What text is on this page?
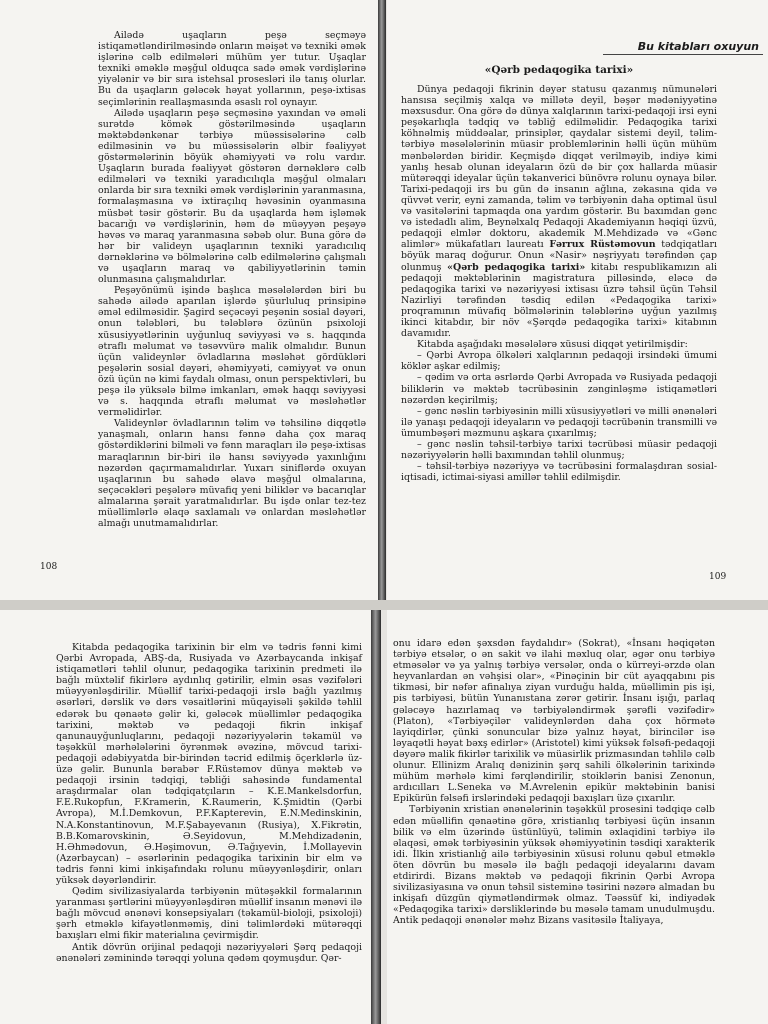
Ailədə uşaqların peşə seçməyə istiqamətləndirilməsində onların məişət və texniki əmək işlərinə cəlb edilmələri mühüm yer tutur. Uşaqlar texniki əməklə məşğul olduqca sadə əmək vərdişlərinə yiyələnir və bir sıra istehsal prosesləri ilə tanış olurlar. Bu da uşaqların gələcək həyat yollarının, peşə-ixtisas seçimlərinin reallaşmasında əsaslı rol oynayır.

Ailədə uşaqların peşə seçməsinə yaxından və əməli surətdə kömək göstərilməsində uşaqların məktəbdənkənar tərbiyə müəssisələrinə cəlb edilməsinin və bu müəssisələrin əlbir fəaliyyət göstərmələrinin böyük əhəmiyyəti və rolu vardır. Uşaqların burada fəaliyyət göstərən dərnəklərə cəlb edilmələri və texniki yaradıcılıqla məşğul olmaları onlarda bir sıra texniki əmək vərdişlərinin yaranmasına, formalaşmasına və ixtiraçılıq həvəsinin oyanmasına müsbət təsir göstərir. Bu da uşaqlarda həm işləmək bacarığı və vərdişlərinin, həm də müəyyən peşəyə həvəs və maraq yaranmasına səbəb olur. Buna görə də hər bir valideyn uşaqlarının texniki yaradıcılıq dərnəklərinə və bölmələrinə cəlb edilmələrinə çalışmalı və uşaqların maraq və qabiliyyətlərinin təmin olunmasına çalışmalıdırlar.

Peşəyönümü işində başlıca məsələlərdən biri bu sahədə ailədə aparılan işlərdə şüurluluq prinsipinə əməl edilməsidir. Şagird seçəcəyi peşənin sosial dəyəri, onun tələbləri, bu tələblərə özünün psixoloji xüsusiyyətlərinin uyğunluq səviyyəsi və s. haqqında ətraflı məlumat və təsəvvürə malik olmalıdır. Bunun üçün valideynlər övladlarına məsləhət gördükləri peşələrin sosial dəyəri, əhəmiyyəti, cəmiyyət və onun özü üçün nə kimi faydalı olması, onun perspektivləri, bu peşə ilə yüksələ bilmə imkanları, əmək haqqı səviyyəsi və s. haqqında ətraflı məlumat və məsləhətlər verməlidirlər.

Valideynlər övladlarının təlim və təhsilinə diqqətlə yanaşmalı, onların hansı fənnə daha çox maraq göstərdiklərini bilməli və fənn maraqları ilə peşə-ixtisas maraqlarının bir-biri ilə hansı səviyyədə yaxınlığını nəzərdən qaçırmamalıdırlar. Yuxarı siniflərdə oxuyan uşaqlarının bu sahədə əlavə məşğul olmalarına, seçəcəkləri peşələrə müvafiq yeni biliklər və bacarıqlar almalarına şərait yaratmalıdırlar. Bu işdə onlar tez-tez müəllimlərlə əlaqə saxlamalı və onlardan məsləhətlər almağı unutmamalıdırlar.

108
Bu kitabları oxuyun
«Qərb pedaqogika tarixi»

Dünya pedaqoji fikrinin dəyər statusu qazanmış nümunələri hansısa seçilmiş xalqa və millətə deyil, bəşər mədəniyyətinə məxsusdur. Ona görə də dünya xalqlarının tarixi-pedaqoji irsi eyni peşəkarlıqla tədqiq və təbliğ edilməlidir. Pedaqogika tarixi köhnəlmiş müddəalar, prinsiplər, qaydalar sistemi deyil, təlim-tərbiyə məsələlərinin müasir problemlərinin həlli üçün mühüm mənbələrdən biridir. Keçmişdə diqqət verilməyib, indiyə kimi yanlış hesab olunan ideyaların özü də bir çox hallarda müasir mütərəqqi ideyalar üçün təkanverici bünövrə rolunu oynaya bilər. Tarixi-pedaqoji irs bu gün də insanın ağlına, zəkasına qida və qüvvət verir, eyni zamanda, təlim və tərbiyənin daha optimal üsul və vasitələrini tapmaqda ona yardım göstərir. Bu baxımdan gənc və istedadlı alim, Beynəlxalq Pedaqoji Akademiyanın həqiqi üzvü, pedaqoji elmlər doktoru, akademik M.Mehdizadə və «Gənc alimlər» mükafatları laureatı Fərrux Rüstəmovun tədqiqatları böyük maraq doğurur. Onun «Nasir» nəşriyyatı tərəfindən çap olunmuş «Qərb pedaqogika tarixi» kitabı respublikamızın ali pedaqoji məktəblərinin magistratura pilləsində, eləcə də pedaqogika tarixi və nəzəriyyəsi ixtisası üzrə təhsil üçün Təhsil Nazirliyi tərəfindən təsdiq edilən «Pedaqogika tarixi» proqramının müvafiq bölmələrinin tələblərinə uyğun yazılmış ikinci kitabdır, bir növ «Şərqdə pedaqogika tarixi» kitabının davamıdır.

Kitabda aşağıdakı məsələlərə xüsusi diqqət yetirilmişdir:

– Qərbi Avropa ölkələri xalqlarının pedaqoji irsindəki ümumi köklər aşkar edilmiş;

– qədim və orta əsrlərdə Qərbi Avropada və Rusiyada pedaqoji biliklərin və məktəb təcrübəsinin zənginləşmə istiqamətləri nəzərdən keçirilmiş;

– gənc nəslin tərbiyəsinin milli xüsusiyyətləri və milli ənənələri ilə yanaşı pedaqoji ideyaların və pedaqoji təcrübənin transmilli və ümumbəşəri məzmunu aşkara çıxarılmış;

– gənc nəslin təhsil-tərbiyə tarixi təcrübəsi müasir pedaqoji nəzəriyyələrin həlli baxımından təhlil olunmuş;

– təhsil-tərbiyə nəzəriyyə və təcrübəsini formalaşdıran sosial-iqtisadi, ictimai-siyasi amillər təhlil edilmişdir.

109

Kitabda pedaqogika tarixinin bir elm və tədris fənni kimi Qərbi Avropada, ABŞ-da, Rusiyada və Azərbaycanda inkişaf istiqamətləri təhlil olunur, pedaqogika tarixinin predmeti ilə bağlı müxtəlif fikirlərə aydınlıq gətirilir, elmin əsas vəzifələri müəyyənləşdirilir. Müəllif tarixi-pedaqoji irslə bağlı yazılmış əsərləri, dərslik və dərs vəsaitlərini müqayisəli şəkildə təhlil edərək bu qənaətə gəlir ki, gələcək müəllimlər pedaqogika tarixini, məktəb və pedaqoji fikrin inkişaf qanunauyğunluqlarını, pedaqoji nəzəriyyələrin təkamül və təşəkkül mərhələlərini öyrənmək əvəzinə, mövcud tarixi-pedaqoji ədəbiyyatda bir-birindən təcrid edilmiş öçerklərlə üz-üzə gəlir. Bununla bərabər F.Rüstəmov dünya məktəb və pedaqoji irsinin tədqiqi, təbliği sahəsində fundamental araşdırmalar olan tədqiqatçıların – K.E.Mankelsdorfun, F.E.Rukopfun, F.Kramerin, K.Raumerin, K.Şmidtin (Qərbi Avropa), M.İ.Demkovun, P.F.Kapterevin, E.N.Medinskinin, N.A.Konstantinovun, M.F.Şabayevanın (Rusiya), X.Fikrətin, B.B.Komarovskinin, Ə.Seyidovun, M.Mehdizadənin, H.Əhmədovun, Ə.Həşimovun, Ə.Tağıyevin, İ.Mollayevin (Azərbaycan) – əsərlərinin pedaqogika tarixinin bir elm və tədris fənni kimi inkişafındakı rolunu müəyyənləşdirir, onları yüksək dəyərləndirir.

Qədim sivilizasiyalarda tərbiyənin mütəşəkkil formalarının yaranması şərtlərini müəyyənləşdirən müəllif insanın mənəvi ilə bağlı mövcud ənənəvi konsepsiyaları (təkamül-bioloji, psixoloji) şərh etməklə kifayətlənməmiş, dini təlimlərdəki mütərəqqi baxışları elmi fikir materialına çevirmişdir.

Antik dövrün orijinal pedaqoji nəzəriyyələri Şərq pedaqoji ənənələri zəminində tərəqqi yoluna qədəm qoymuşdur. Qər-

onu idarə edən şəxsdən faydalıdır» (Sokrat), «İnsanı həqiqətən tərbiyə etsələr, o ən sakit və ilahi məxluq olar, əgər onu tərbiyə etməsələr və ya yalnış tərbiyə versələr, onda o kürreyi-ərzdə olan heyvanlardan ən vəhşisi olar», «Pinəçinin bir cüt ayaqqabını pis tikməsi, bir nəfər afinalıya ziyan vurduğu halda, müəllimin pis işi, pis tərbiyəsi, bütün Yunanıstana zərər gətirir. İnsanı işığı, parlaq gələcəyə hazırlamaq və tərbiyələndirmək şərəfli vəzifədir» (Platon), «Tərbiyəçilər valideynlərdən daha çox hörmətə layiqdirlər, çünki sonuncular bizə yalnız həyat, birincilər isə ləyaqətli həyat bəxş edirlər» (Aristotel) kimi yüksək fəlsəfi-pedaqoji dəyərə malik fikirlər tarixilik və müasirlik prizmasından təhlilə cəlb olunur. Ellinizm Aralıq dənizinin şərq sahili ölkələrinin tarixində mühüm mərhələ kimi fərqləndirilir, stoiklərin banisi Zenonun, ardıcılları L.Seneka və M.Avrelenin epikür məktəbinin banisi Epikürün fəlsəfi irslərindəki pedaqoji baxışları üzə çıxarılır.

Tərbiyənin xristian ənənələrinin təşəkkül prosesini tədqiqə cəlb edən müəllifin qənaətinə görə, xristianlıq tərbiyəsi üçün insanın bilik və elm üzərində üstünlüyü, təlimin əxlaqidini tərbiyə ilə əlaqəsi, əmək tərbiyəsinin yüksək əhəmiyyətinin təsdiqi xarakterik idi. İlkin xristianlığ ailə tərbiyəsinin xüsusi rolunu qəbul etməklə öten dövrün bu məsələ ilə bağlı pedaqoji ideyalarını davam etdirirdi. Bizans məktəb və pedaqoji fikrinin Qərbi Avropa sivilizasiyasına və onun təhsil sisteminə təsirini nəzərə almadan bu inkişafı düzgün qiymətləndirmək olmaz. Təəssüf ki, indiyədək «Pedaqogika tarixi» dərsliklərində bu məsələ tamam unudulmuşdu. Antik pedaqoji ənənələr məhz Bizans vasitəsilə İtaliyaya,
